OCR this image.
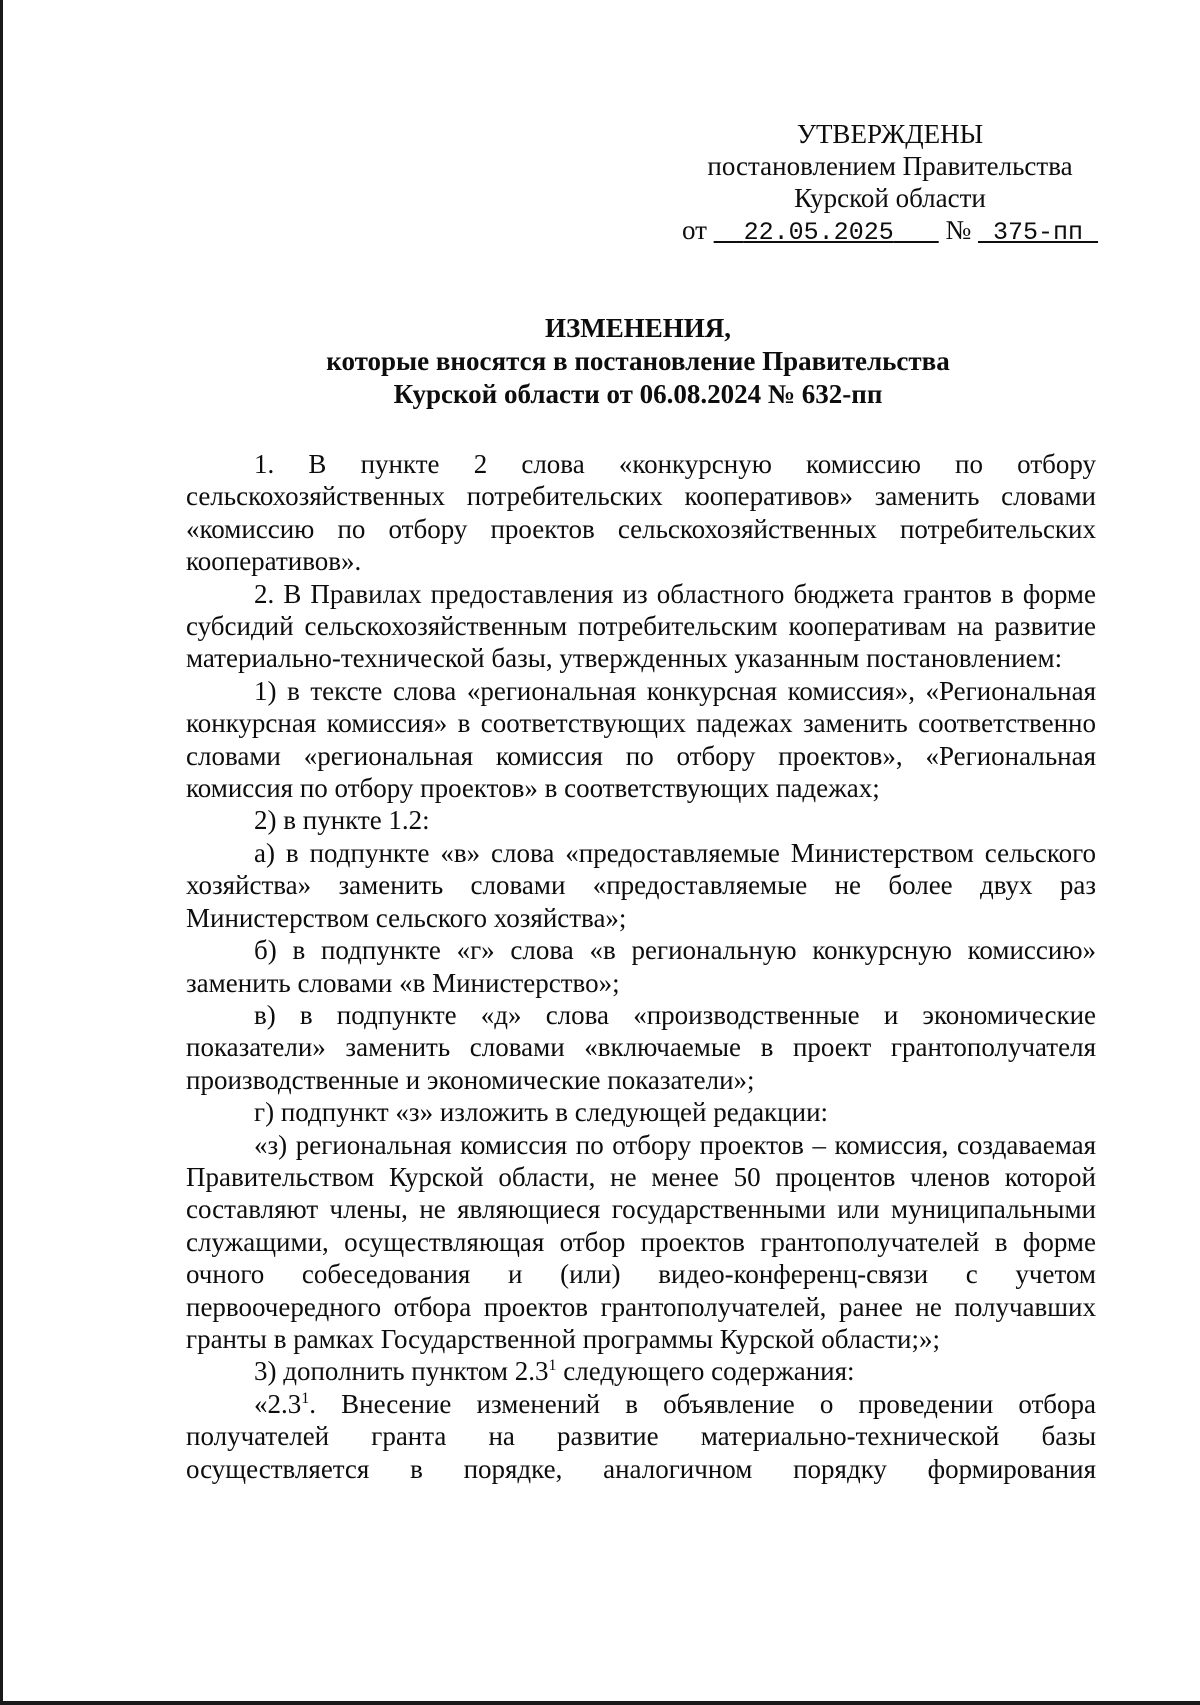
УТВЕРЖДЕНЫ
постановлением Правительства
Курской области
от 22.05.2025 № 375-пп
ИЗМЕНЕНИЯ,
которые вносятся в постановление Правительства
Курской области от 06.08.2024 № 632-пп

1. В пункте 2 слова «конкурсную комиссию по отбору сельскохозяйственных потребительских кооперативов» заменить словами «комиссию по отбору проектов сельскохозяйственных потребительских кооперативов».

2. В Правилах предоставления из областного бюджета грантов в форме субсидий сельскохозяйственным потребительским кооперативам на развитие материально-технической базы, утвержденных указанным постановлением:

1) в тексте слова «региональная конкурсная комиссия», «Региональная конкурсная комиссия» в соответствующих падежах заменить соответственно словами «региональная комиссия по отбору проектов», «Региональная комиссия по отбору проектов» в соответствующих падежах;

2) в пункте 1.2:

а) в подпункте «в» слова «предоставляемые Министерством сельского хозяйства» заменить словами «предоставляемые не более двух раз Министерством сельского хозяйства»;

б) в подпункте «г» слова «в региональную конкурсную комиссию» заменить словами «в Министерство»;

в) в подпункте «д» слова «производственные и экономические показатели» заменить словами «включаемые в проект грантополучателя производственные и экономические показатели»;

г) подпункт «з» изложить в следующей редакции:

«з) региональная комиссия по отбору проектов – комиссия, создаваемая Правительством Курской области, не менее 50 процентов членов которой составляют члены, не являющиеся государственными или муниципальными служащими, осуществляющая отбор проектов грантополучателей в форме очного собеседования и (или) видео-конференц-связи с учетом первоочередного отбора проектов грантополучателей, ранее не получавших гранты в рамках Государственной программы Курской области;»;

3) дополнить пунктом $2.3^1$ следующего содержания:

«$2.3^1$. Внесение изменений в объявление о проведении отбора получателей гранта на развитие материально-технической базы осуществляется в порядке, аналогичном порядку формирования
